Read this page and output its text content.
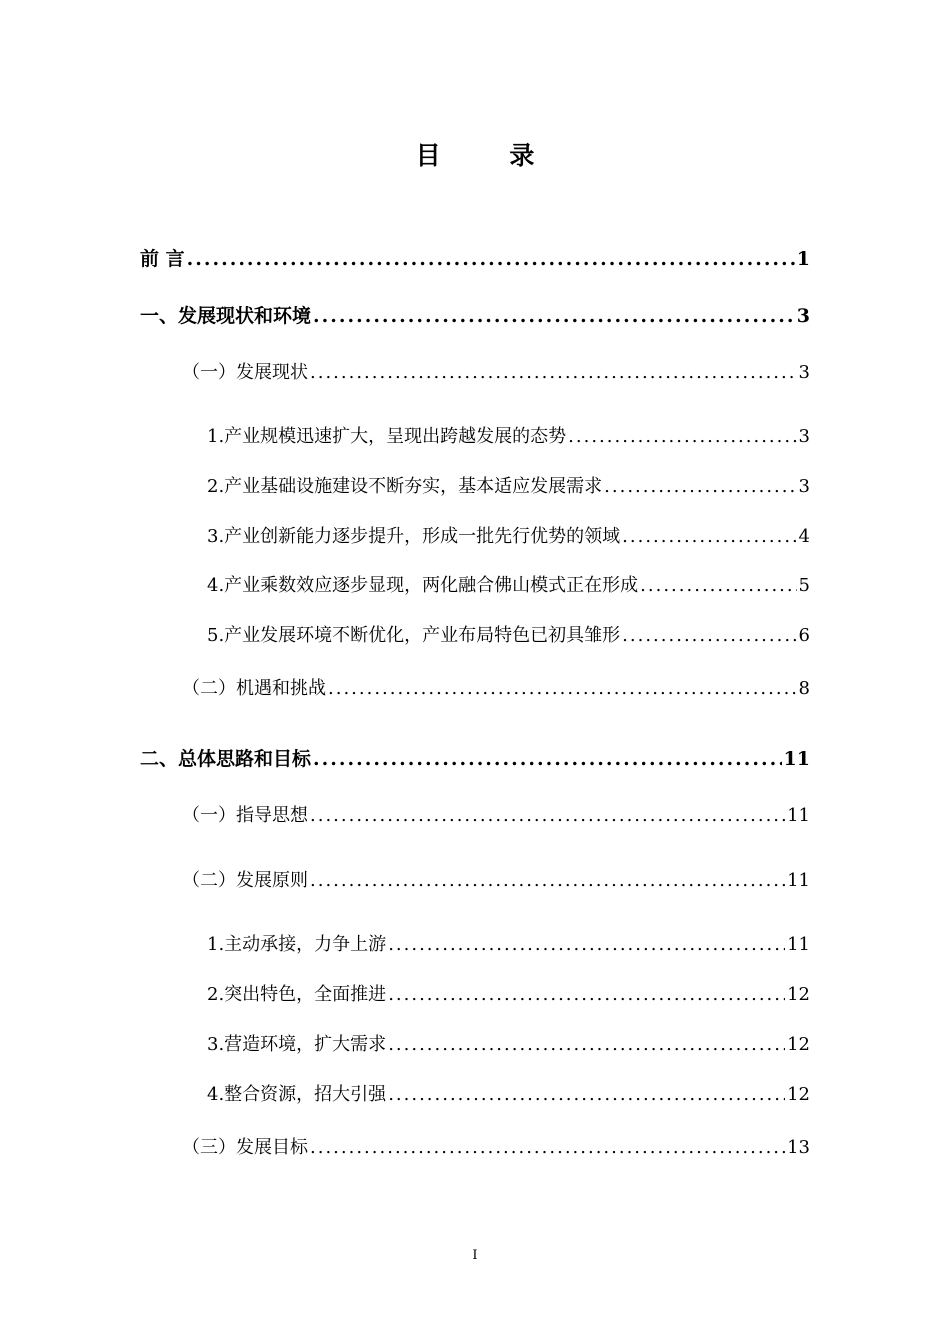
目 录
前 言 .....	1
一、发展现状和环境 .....	3
（一）发展现状 .....	3
1.产业规模迅速扩大，呈现出跨越发展的态势 .....	3
2.产业基础设施建设不断夯实，基本适应发展需求 .....	3
3.产业创新能力逐步提升，形成一批先行优势的领域 .....	4
4.产业乘数效应逐步显现，两化融合佛山模式正在形成 .....	5
5.产业发展环境不断优化，产业布局特色已初具雏形 .....	6
（二）机遇和挑战 .....	8
二、总体思路和目标 .....	11
（一）指导思想 .....	11
（二）发展原则 .....	11
1.主动承接，力争上游 .....	11
2.突出特色，全面推进 .....	12
3.营造环境，扩大需求 .....	12
4.整合资源，招大引强 .....	12
（三）发展目标 .....	13
I
